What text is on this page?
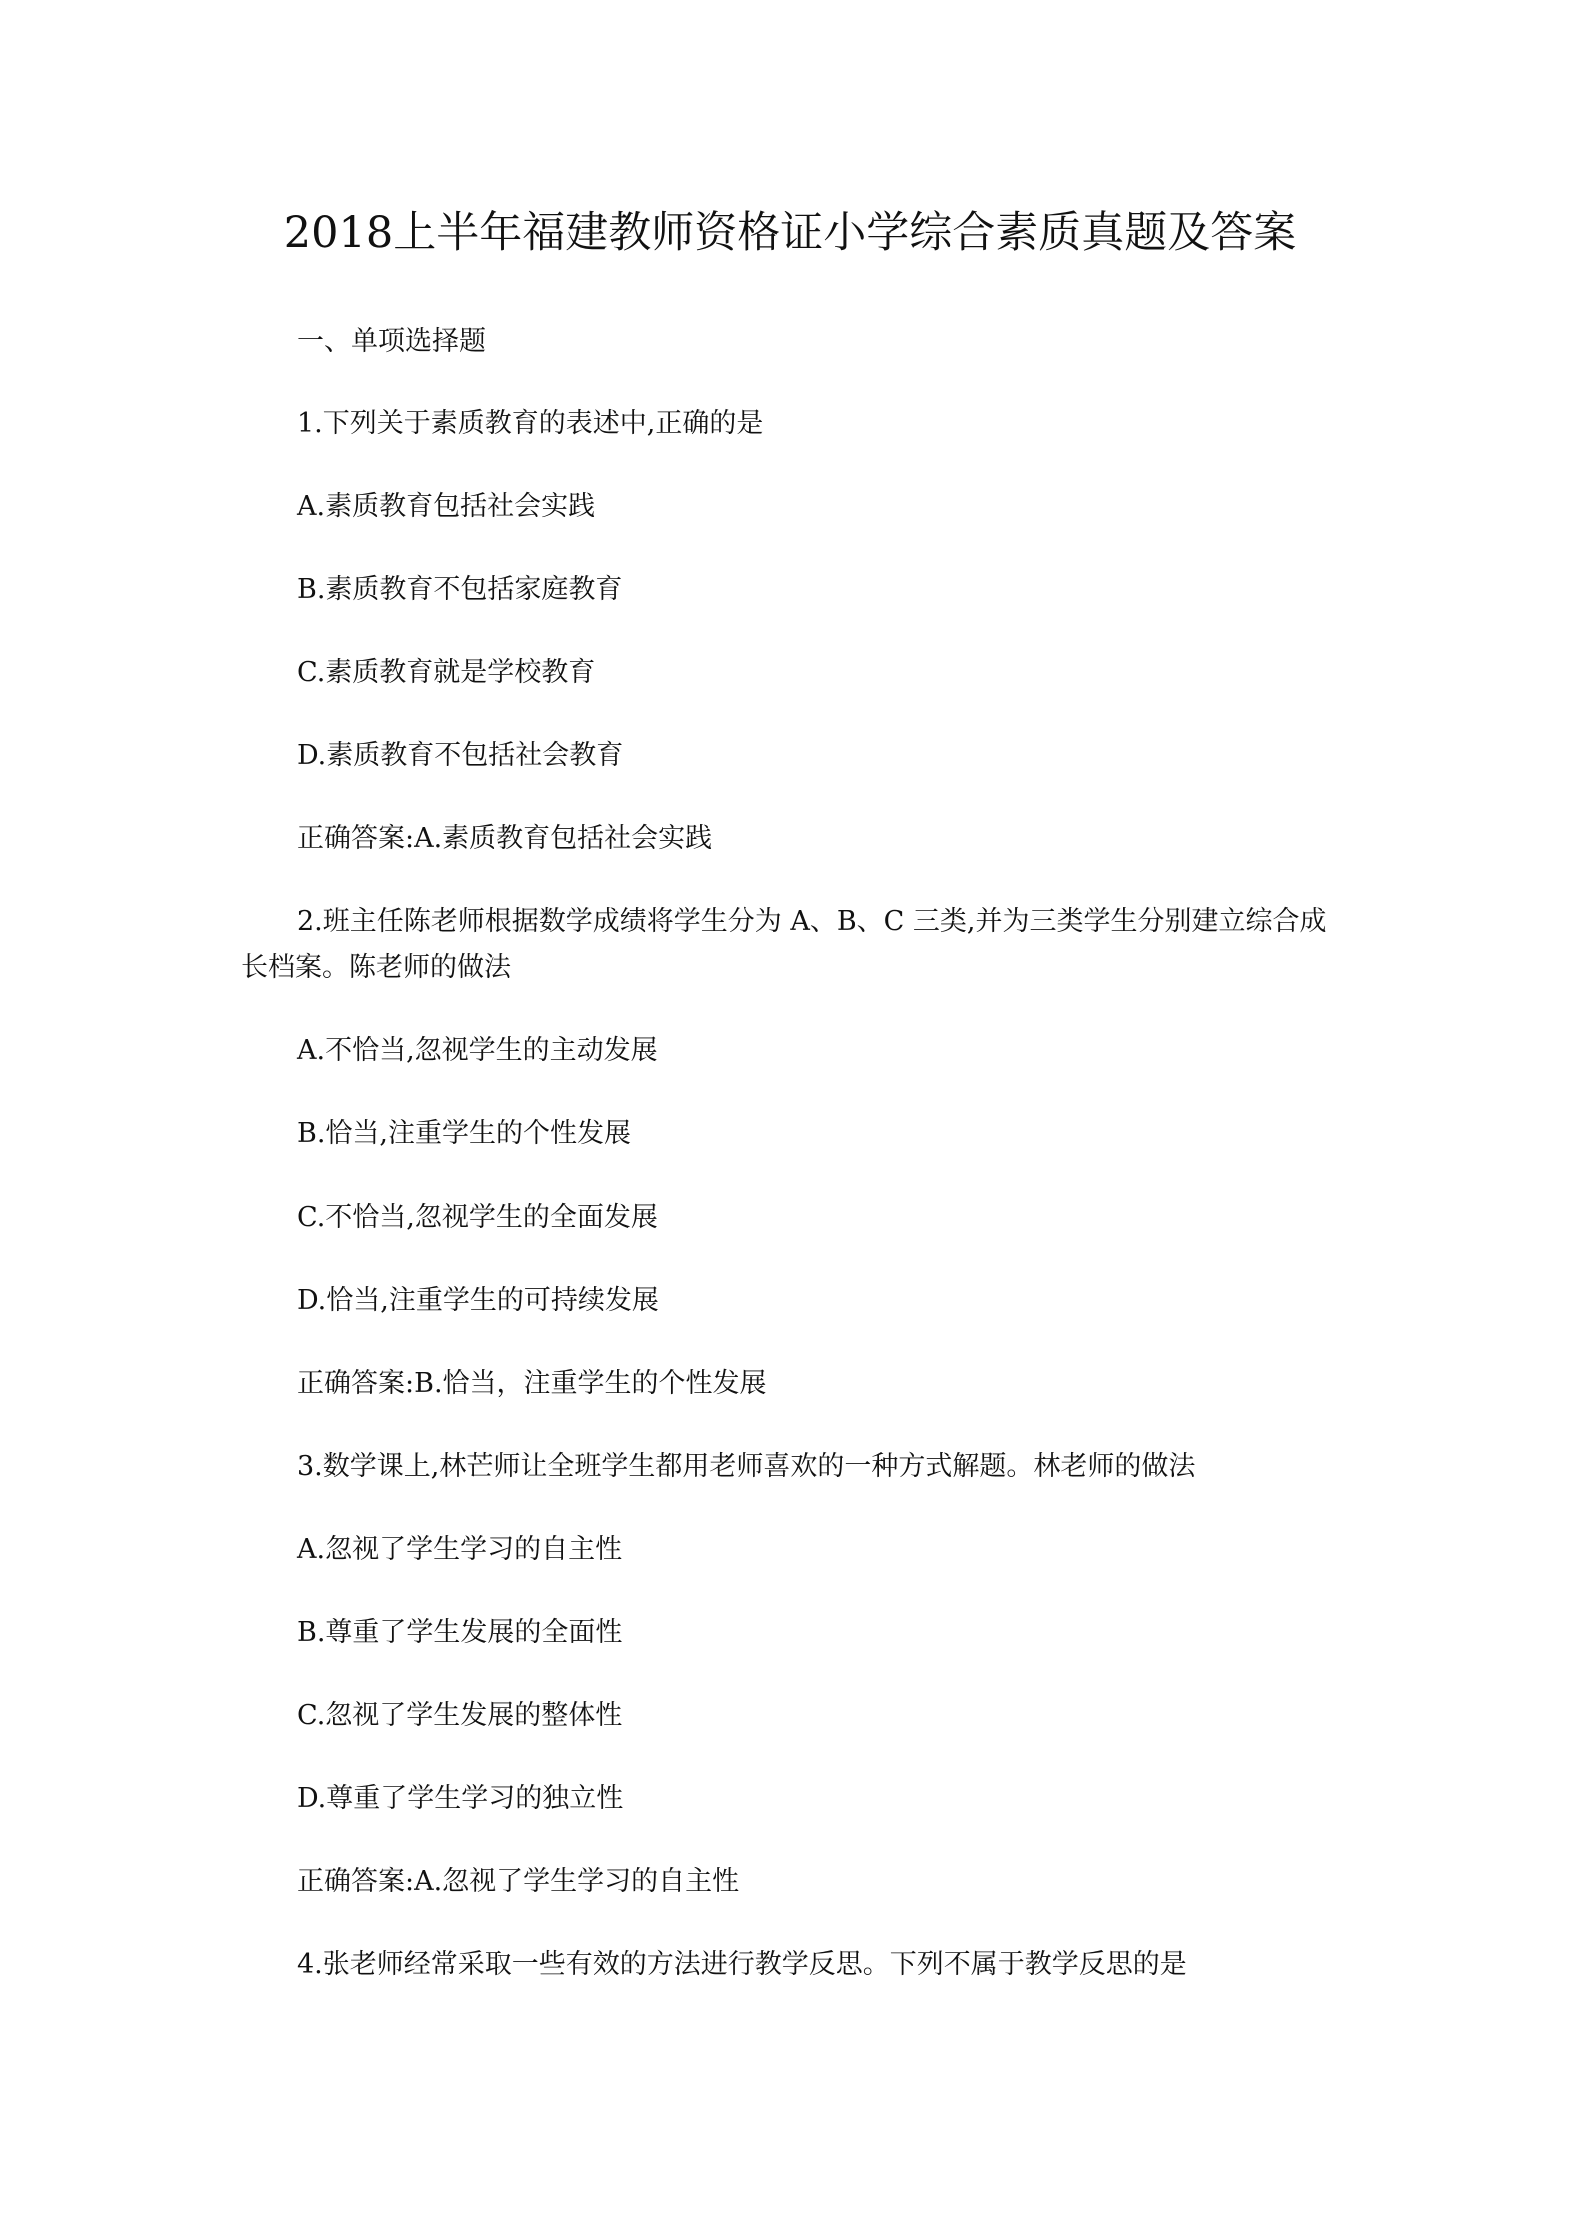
2018上半年福建教师资格证小学综合素质真题及答案
一、单项选择题
1.下列关于素质教育的表述中,正确的是
A.素质教育包括社会实践
B.素质教育不包括家庭教育
C.素质教育就是学校教育
D.素质教育不包括社会教育
正确答案:A.素质教育包括社会实践
2.班主任陈老师根据数学成绩将学生分为 A、B、C 三类,并为三类学生分别建立综合成
长档案。陈老师的做法
A.不恰当,忽视学生的主动发展
B.恰当,注重学生的个性发展
C.不恰当,忽视学生的全面发展
D.恰当,注重学生的可持续发展
正确答案:B.恰当，注重学生的个性发展
3.数学课上,林芒师让全班学生都用老师喜欢的一种方式解题。林老师的做法
A.忽视了学生学习的自主性
B.尊重了学生发展的全面性
C.忽视了学生发展的整体性
D.尊重了学生学习的独立性
正确答案:A.忽视了学生学习的自主性
4.张老师经常采取一些有效的方法进行教学反思。下列不属于教学反思的是
